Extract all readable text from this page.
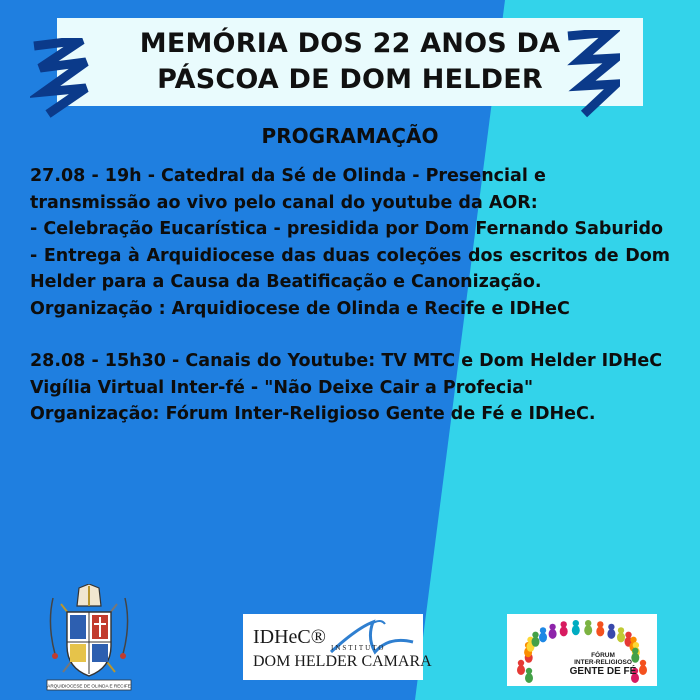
MEMÓRIA DOS 22 ANOS DA
PÁSCOA DE DOM HELDER
PROGRAMAÇÃO

27.08 - 19h - Catedral da Sé de Olinda - Presencial e

transmissão ao vivo pelo canal do youtube da AOR:

- Celebração Eucarística - presidida por Dom Fernando Saburido

- Entrega à Arquidiocese das duas coleções dos escritos de Dom Helder para a Causa da Beatificação e Canonização.

Organização : Arquidiocese de Olinda e Recife e IDHeC

28.08 - 15h30 - Canais do Youtube: TV MTC e Dom Helder IDHeC

Vigília Virtual Inter-fé - "Não Deixe Cair a Profecia"

Organização: Fórum Inter-Religioso Gente de Fé e IDHeC.

ARQUIDIOCESE DE OLINDA E RECIFE
IDHeC® INSTITUTO
DOM HELDER CAMARA	FÓRUM
INTER-RELIGIOSO
GENTE DE FÉ
